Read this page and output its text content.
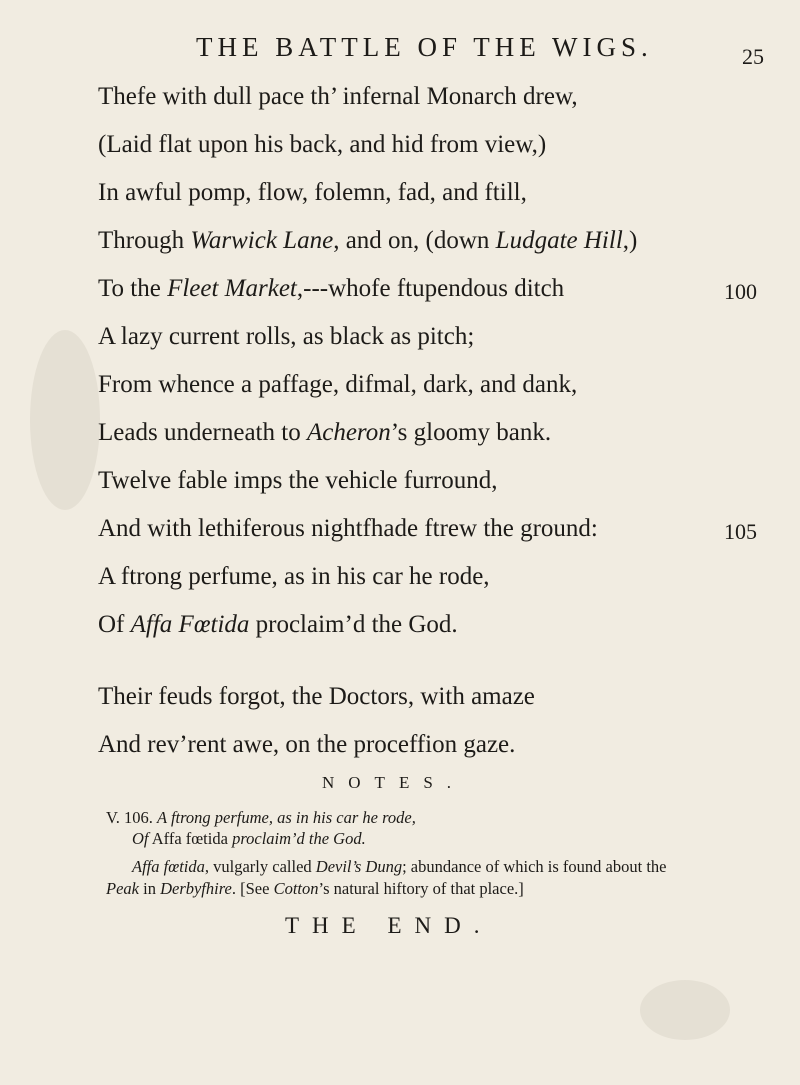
THE BATTLE OF THE WIGS.	25
Thefe with dull pace th’ infernal Monarch drew,
(Laid flat upon his back, and hid from view,)
In awful pomp, flow, folemn, fad, and ftill,
Through Warwick Lane, and on, (down Ludgate Hill,)
To the Fleet Market,---whofe ftupendous ditch	100
A lazy current rolls, as black as pitch;
From whence a paffage, difmal, dark, and dank,
Leads underneath to Acheron’s gloomy bank.
Twelve fable imps the vehicle furround,
And with lethiferous nightfhade ftrew the ground:	105
A ftrong perfume, as in his car he rode,
Of Affa Fœtida proclaim’d the God.
Their feuds forgot, the Doctors, with amaze
And rev’rent awe, on the proceffion gaze.
NOTES.
V. 106. A ftrong perfume, as in his car he rode,
Of Affa fœtida proclaim’d the God.
Affa fœtida, vulgarly called Devil’s Dung; abundance of which is found about the
Peak in Derbyfhire. [See Cotton’s natural hiftory of that place.]
THE END.
